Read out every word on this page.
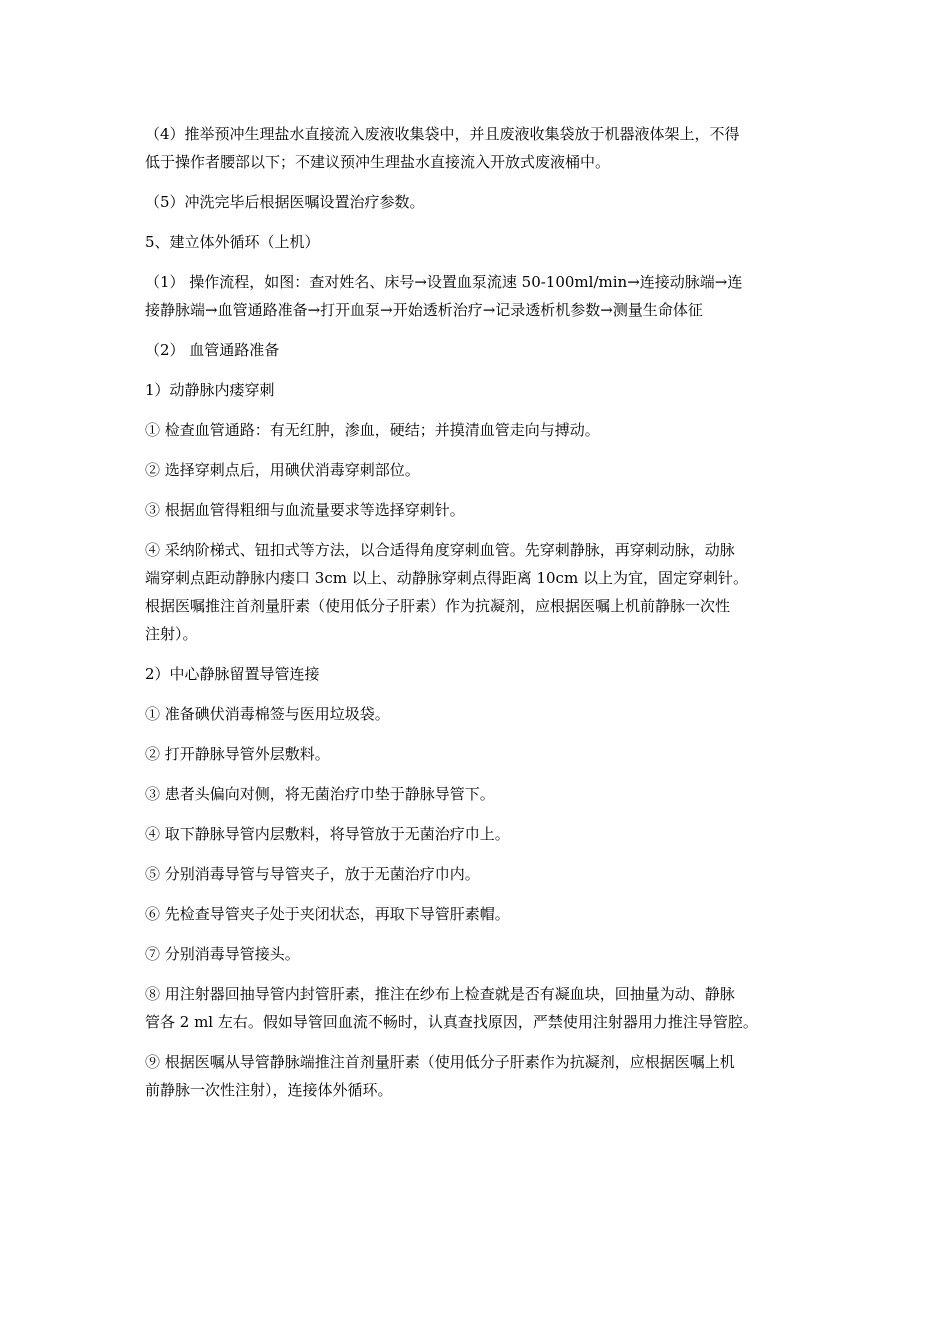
（4）推举预冲生理盐水直接流入废液收集袋中，并且废液收集袋放于机器液体架上，不得
低于操作者腰部以下；不建议预冲生理盐水直接流入开放式废液桶中。

（5）冲洗完毕后根据医嘱设置治疗参数。

5、建立体外循环（上机）

（1） 操作流程，如图：查对姓名、床号→设置血泵流速 50-100ml/min→连接动脉端→连
接静脉端→血管通路准备→打开血泵→开始透析治疗→记录透析机参数→测量生命体征

（2） 血管通路准备

1）动静脉内瘘穿刺

① 检查血管通路：有无红肿，渗血，硬结；并摸清血管走向与搏动。

② 选择穿刺点后，用碘伏消毒穿刺部位。

③ 根据血管得粗细与血流量要求等选择穿刺针。

④ 采纳阶梯式、钮扣式等方法，以合适得角度穿刺血管。先穿刺静脉，再穿刺动脉，动脉
端穿刺点距动静脉内瘘口 3cm 以上、动静脉穿刺点得距离 10cm 以上为宜，固定穿刺针。
根据医嘱推注首剂量肝素（使用低分子肝素）作为抗凝剂，应根据医嘱上机前静脉一次性
注射）。

2）中心静脉留置导管连接

① 准备碘伏消毒棉签与医用垃圾袋。

② 打开静脉导管外层敷料。

③ 患者头偏向对侧，将无菌治疗巾垫于静脉导管下。

④ 取下静脉导管内层敷料，将导管放于无菌治疗巾上。

⑤ 分别消毒导管与导管夹子，放于无菌治疗巾内。

⑥ 先检查导管夹子处于夹闭状态，再取下导管肝素帽。

⑦ 分别消毒导管接头。

⑧ 用注射器回抽导管内封管肝素，推注在纱布上检查就是否有凝血块，回抽量为动、静脉
管各 2 ml 左右。假如导管回血流不畅时，认真查找原因，严禁使用注射器用力推注导管腔。

⑨ 根据医嘱从导管静脉端推注首剂量肝素（使用低分子肝素作为抗凝剂，应根据医嘱上机
前静脉一次性注射），连接体外循环。
